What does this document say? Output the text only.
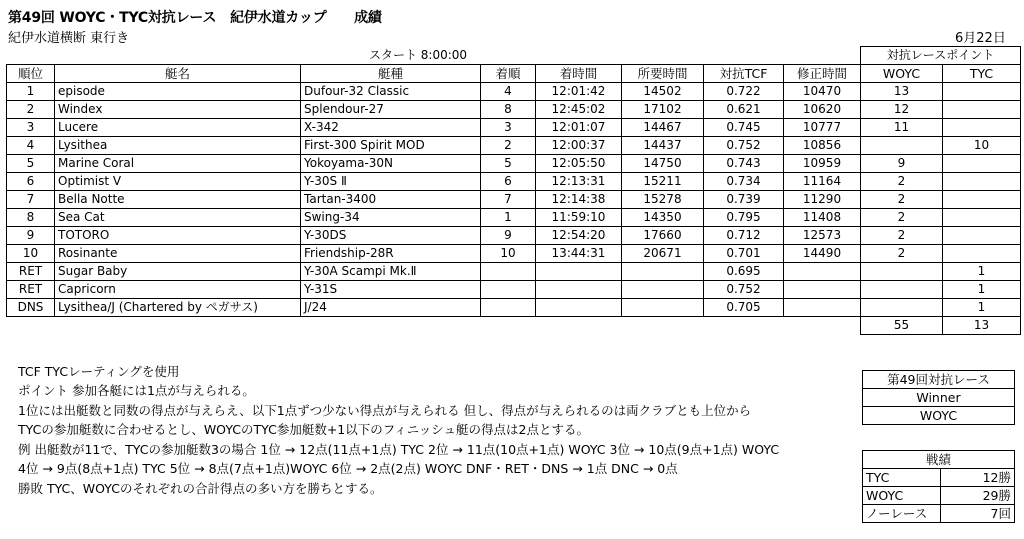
第49回 WOYC・TYC対抗レース　紀伊水道カップ　　成績
紀伊水道横断 東行き	6月22日
		スタート 8:00:00						対抗レースポイント	
順位	艇名	艇種	着順	着時間	所要時間	対抗TCF	修正時間	WOYC	TYC
1	episode	Dufour-32 Classic	4	12:01:42	14502	0.722	10470	13	
2	Windex	Splendour-27	8	12:45:02	17102	0.621	10620	12	
3	Lucere	X-342	3	12:01:07	14467	0.745	10777	11	
4	Lysithea	First-300 Spirit MOD	2	12:00:37	14437	0.752	10856		10
5	Marine Coral	Yokoyama-30N	5	12:05:50	14750	0.743	10959	9	
6	Optimist V	Y-30S Ⅱ	6	12:13:31	15211	0.734	11164	2	
7	Bella Notte	Tartan-3400	7	12:14:38	15278	0.739	11290	2	
8	Sea Cat	Swing-34	1	11:59:10	14350	0.795	11408	2	
9	TOTORO	Y-30DS	9	12:54:20	17660	0.712	12573	2	
10	Rosinante	Friendship-28R	10	13:44:31	20671	0.701	14490	2	
RET	Sugar Baby	Y-30A Scampi Mk.Ⅱ				0.695			1
RET	Capricorn	Y-31S				0.752			1
DNS	Lysithea/J (Chartered by ペガサス)	J/24				0.705			1
								55	13
TCF TYCレーティングを使用
ポイント 参加各艇には1点が与えられる。
1位には出艇数と同数の得点が与えらえ、以下1点ずつ少ない得点が与えられる 但し、得点が与えられるのは両クラブとも上位から
TYCの参加艇数に合わせるとし、WOYCのTYC参加艇数+1以下のフィニッシュ艇の得点は2点とする。
例 出艇数が11で、TYCの参加艇数3の場合 1位 → 12点(11点+1点) TYC 2位 → 11点(10点+1点) WOYC 3位 → 10点(9点+1点) WOYC
4位 → 9点(8点+1点) TYC 5位 → 8点(7点+1点)WOYC 6位 → 2点(2点) WOYC DNF・RET・DNS → 1点 DNC → 0点
勝敗 TYC、WOYCのそれぞれの合計得点の多い方を勝ちとする。
第49回対抗レース
Winner
WOYC
戦績	
TYC	12勝
WOYC	29勝
ノーレース	7回
